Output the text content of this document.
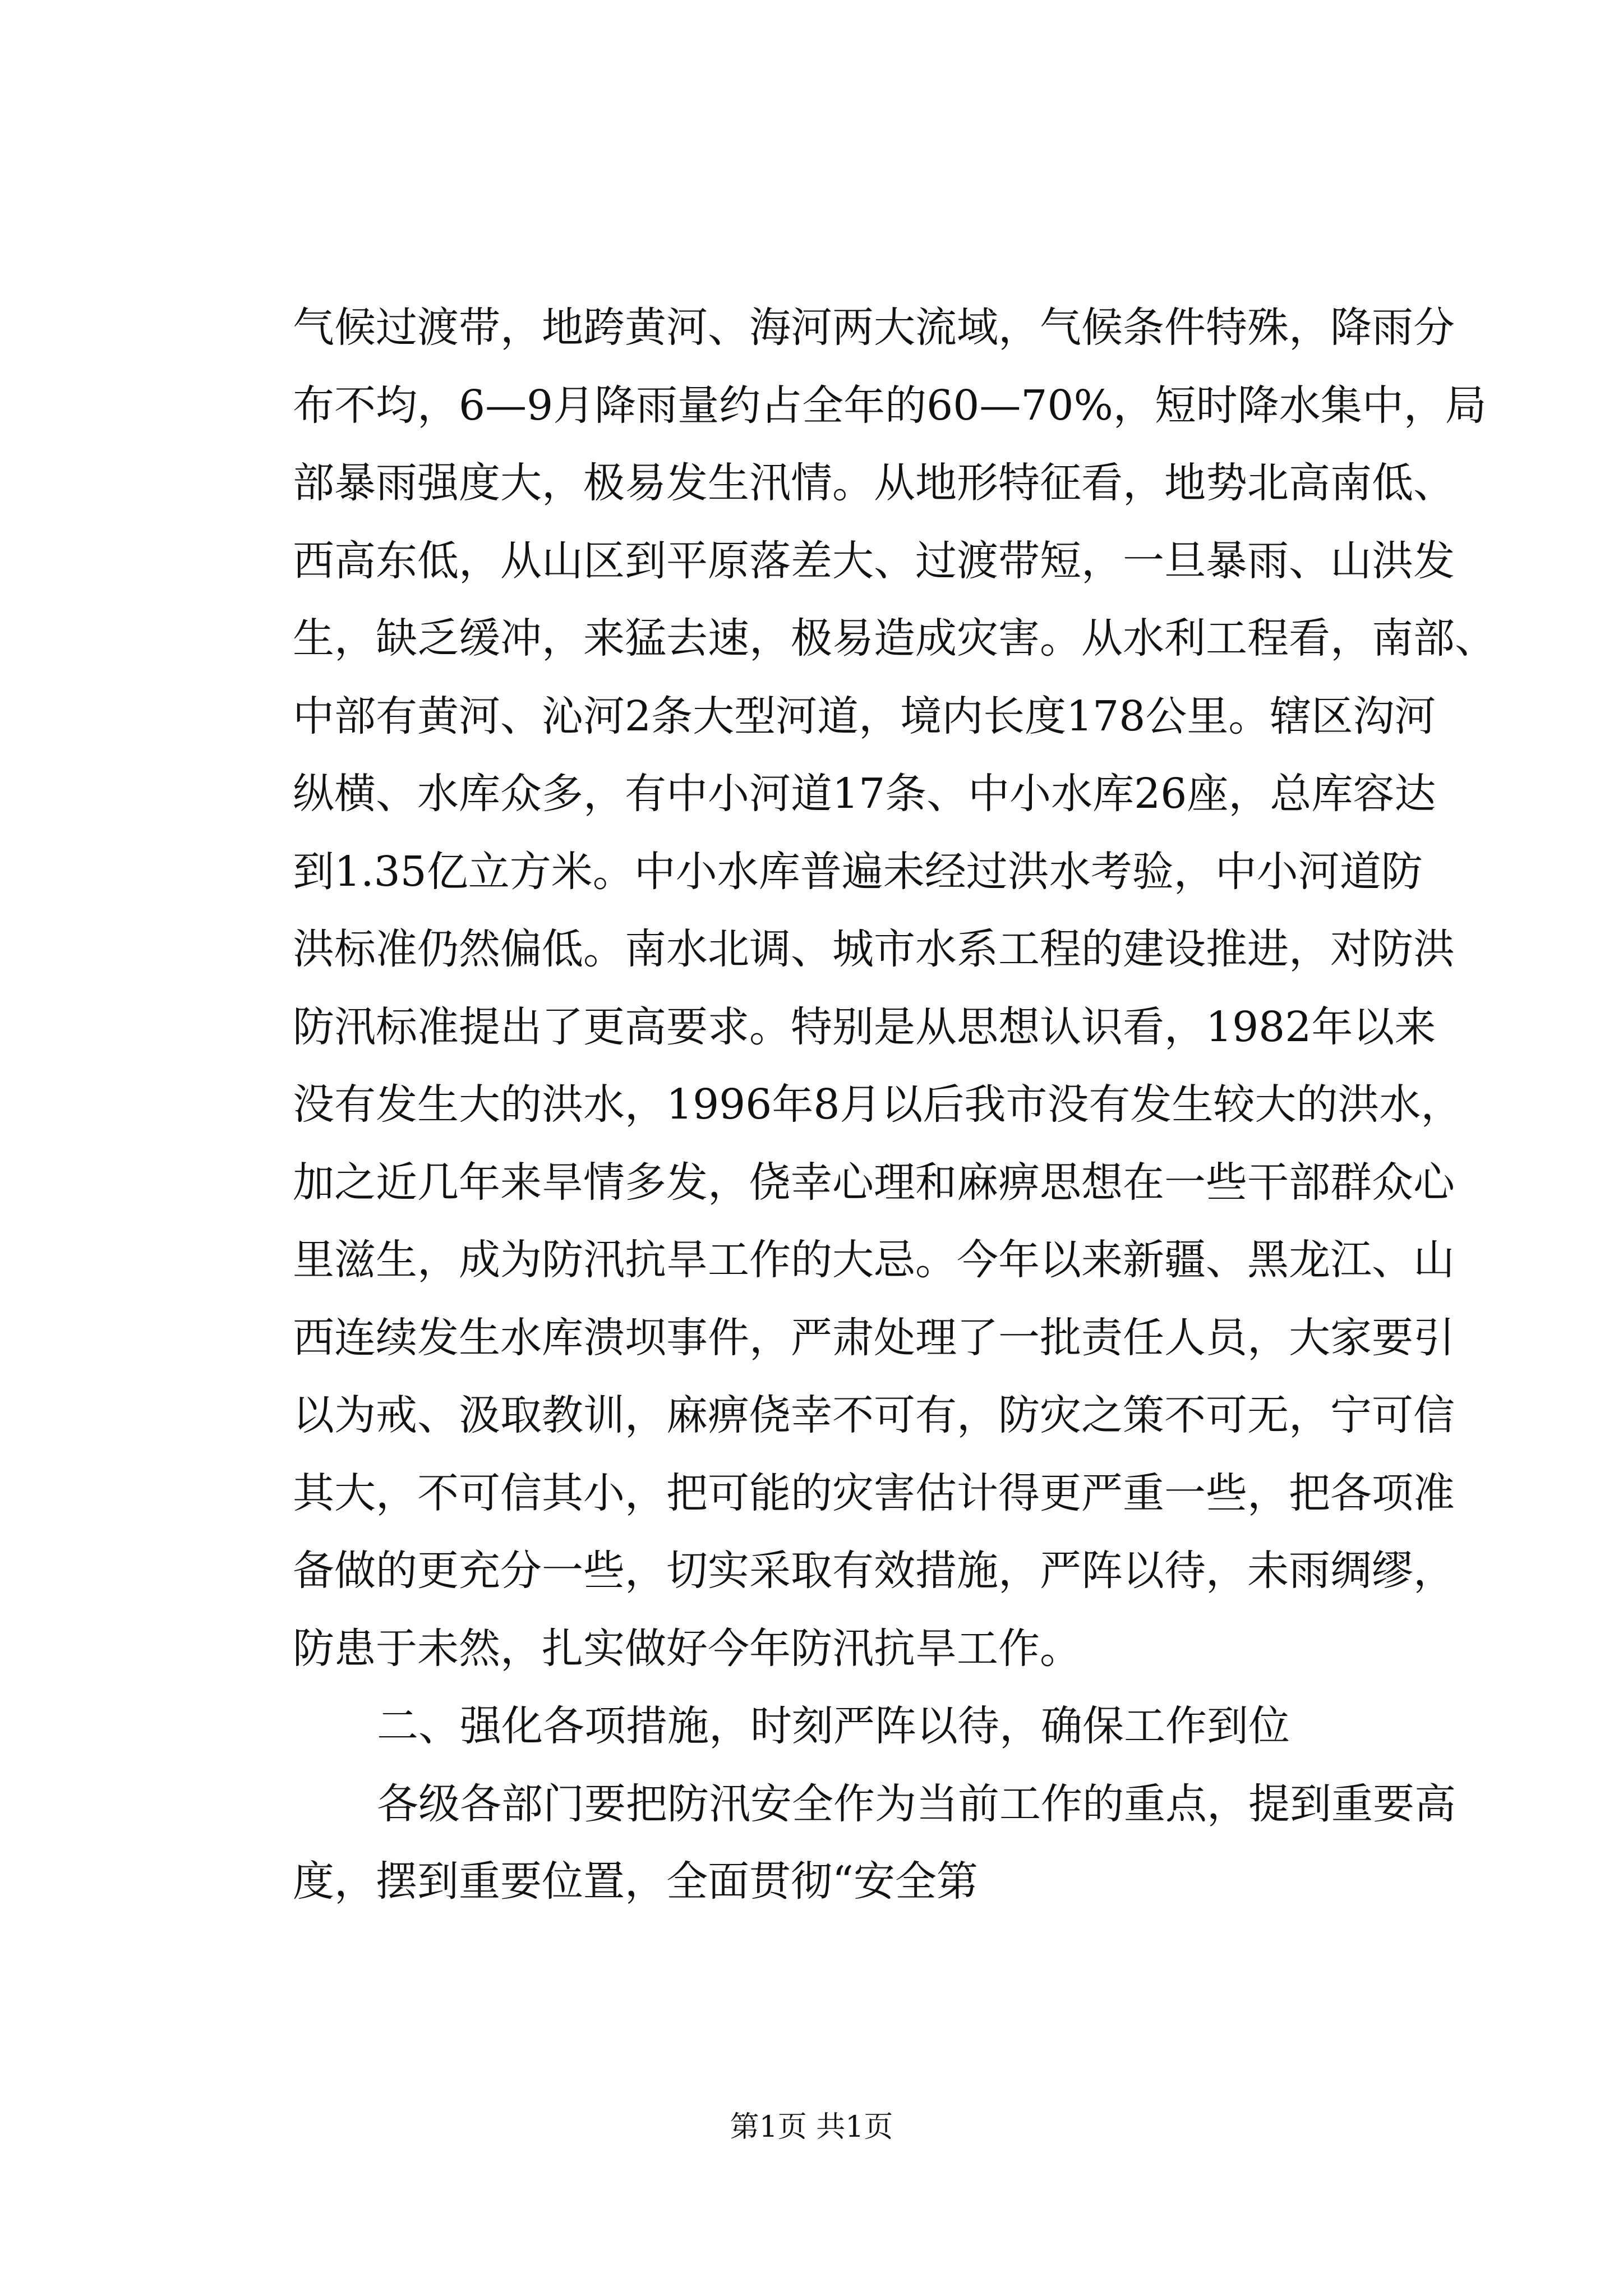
气候过渡带，地跨黄河、海河两大流域，气候条件特殊，降雨分
布不均，6—9月降雨量约占全年的60—70%，短时降水集中，局
部暴雨强度大，极易发生汛情。从地形特征看，地势北高南低、
西高东低，从山区到平原落差大、过渡带短，一旦暴雨、山洪发
生，缺乏缓冲，来猛去速，极易造成灾害。从水利工程看，南部、
中部有黄河、沁河2条大型河道，境内长度178公里。辖区沟河
纵横、水库众多，有中小河道17条、中小水库26座，总库容达
到1.35亿立方米。中小水库普遍未经过洪水考验，中小河道防
洪标准仍然偏低。南水北调、城市水系工程的建设推进，对防洪
防汛标准提出了更高要求。特别是从思想认识看，1982年以来
没有发生大的洪水，1996年8月以后我市没有发生较大的洪水，
加之近几年来旱情多发，侥幸心理和麻痹思想在一些干部群众心
里滋生，成为防汛抗旱工作的大忌。今年以来新疆、黑龙江、山
西连续发生水库溃坝事件，严肃处理了一批责任人员，大家要引
以为戒、汲取教训，麻痹侥幸不可有，防灾之策不可无，宁可信
其大，不可信其小，把可能的灾害估计得更严重一些，把各项准
备做的更充分一些，切实采取有效措施，严阵以待，未雨绸缪，
防患于未然，扎实做好今年防汛抗旱工作。
二、强化各项措施，时刻严阵以待，确保工作到位
各级各部门要把防汛安全作为当前工作的重点，提到重要高
度，摆到重要位置，全面贯彻“安全第
第1页 共1页
